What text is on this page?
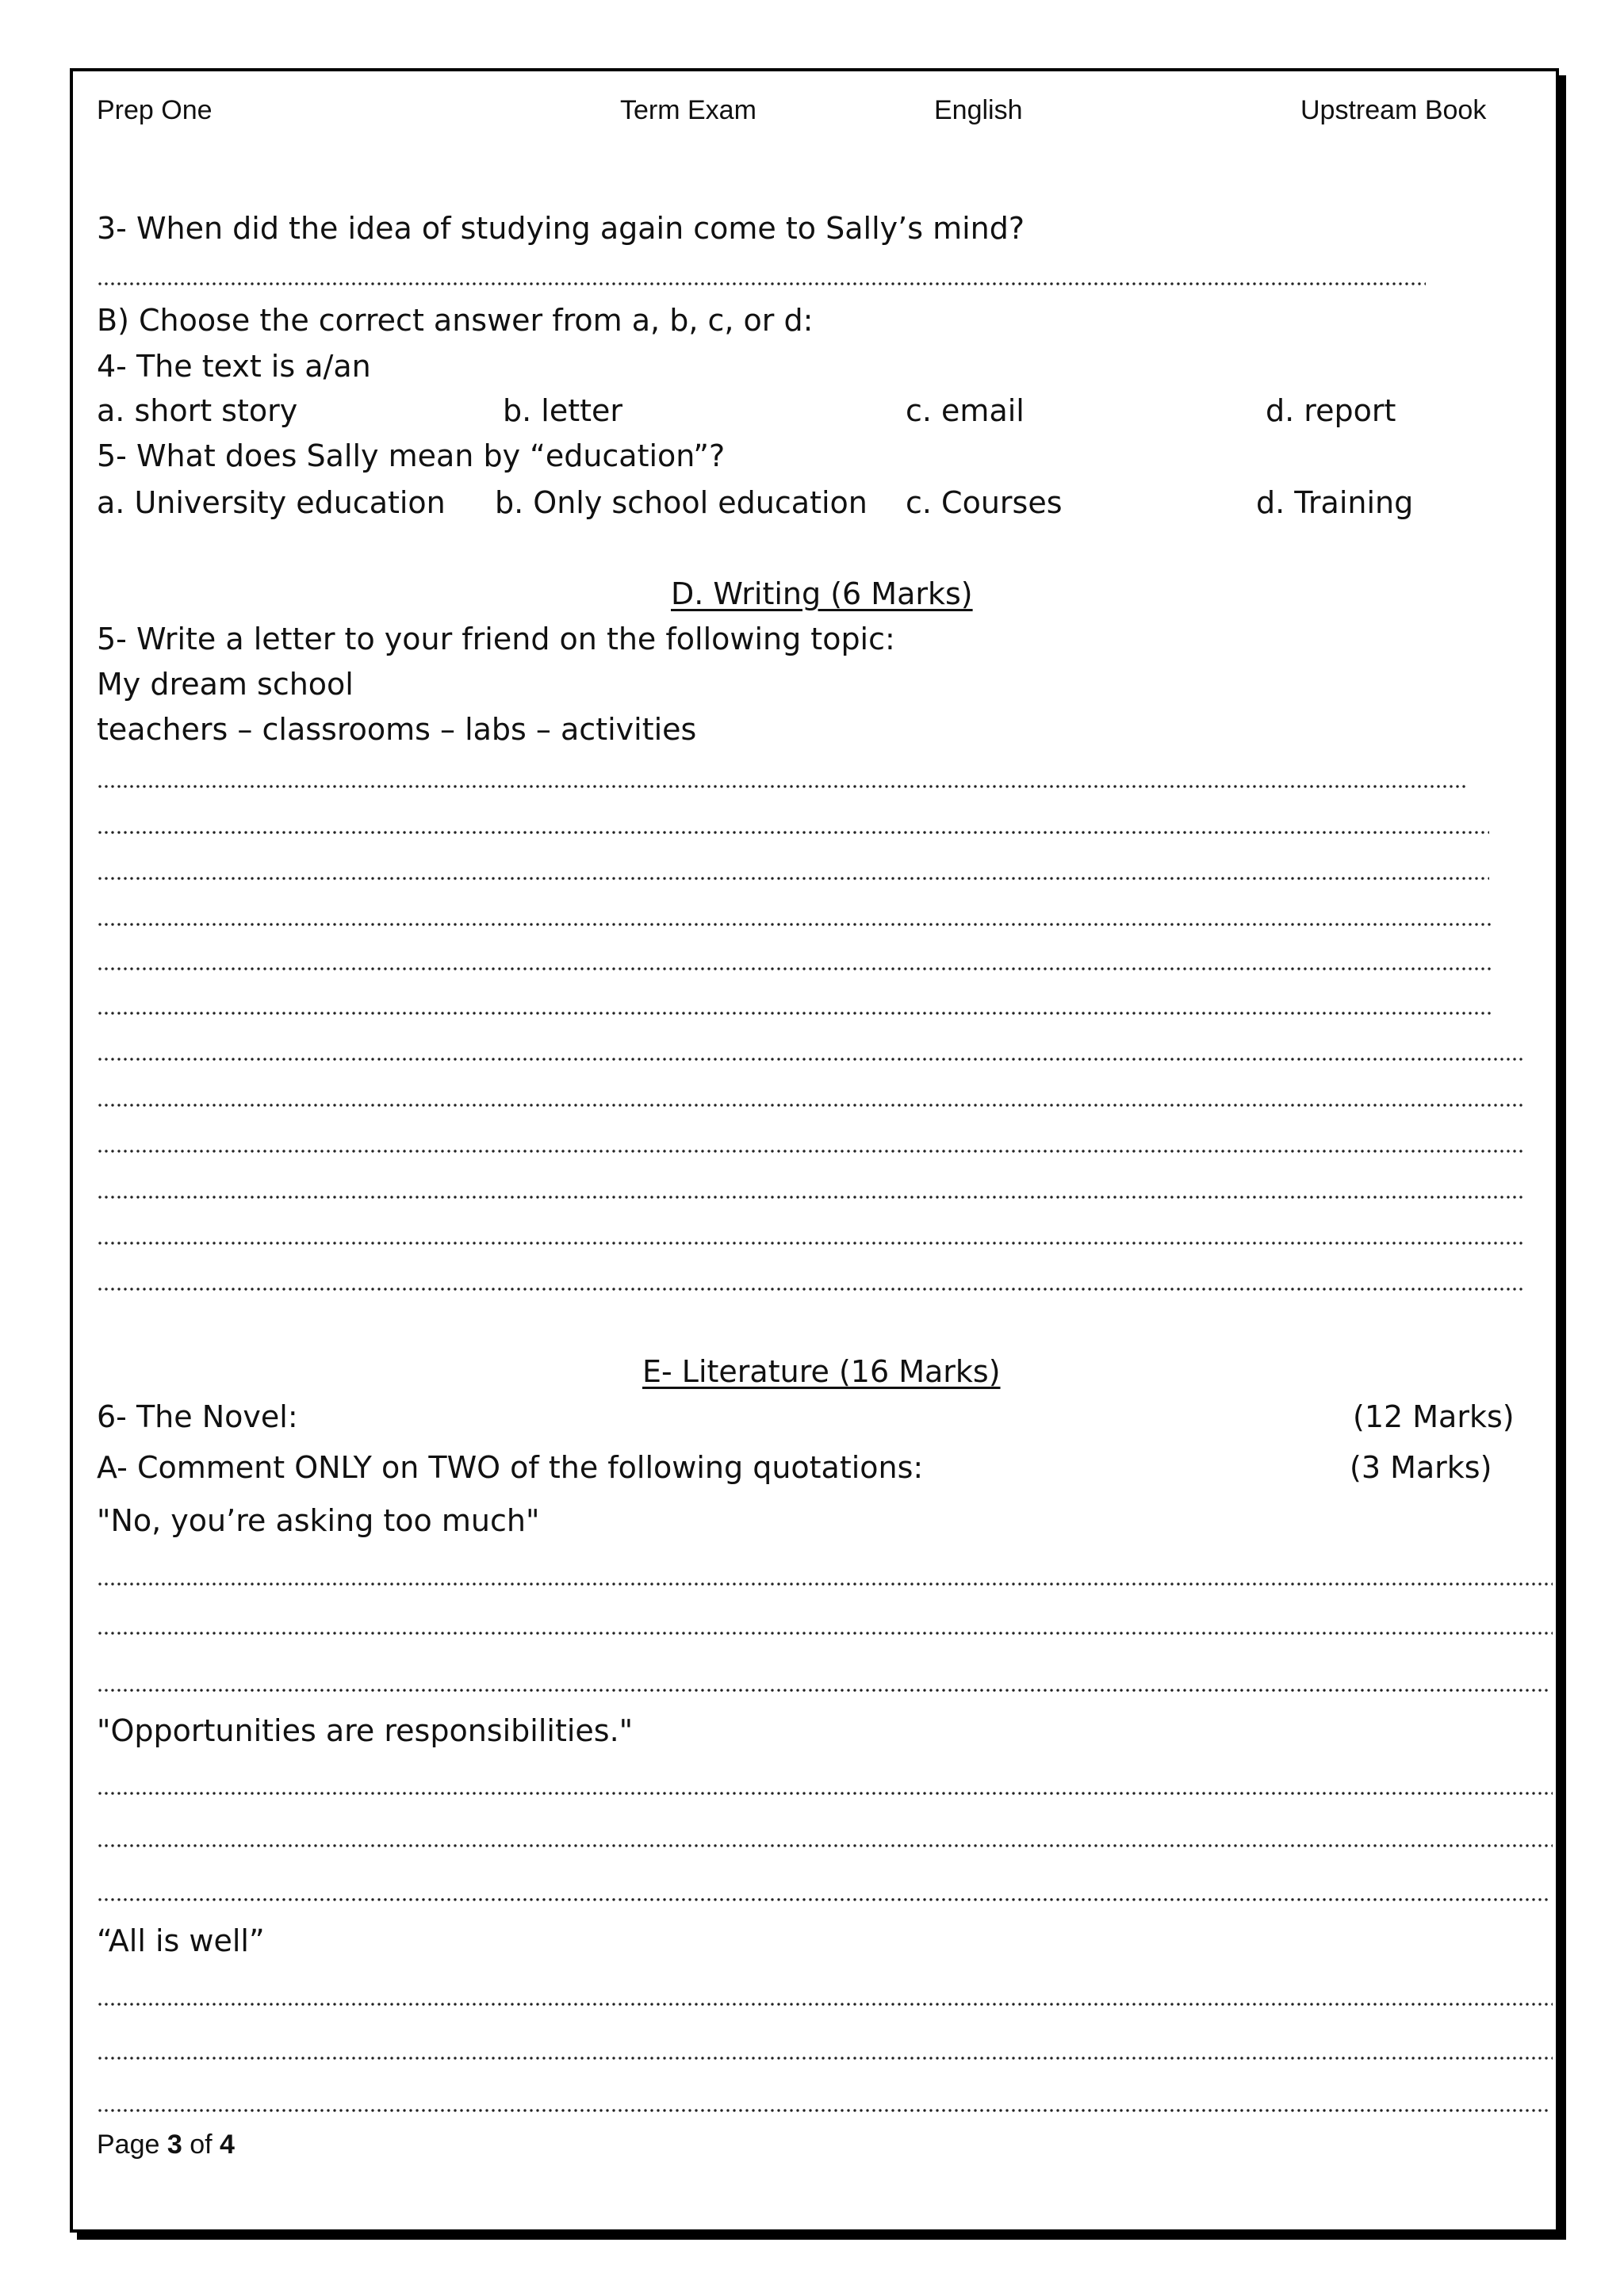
Prep One	Term Exam	English	Upstream Book
3- When did the idea of studying again come to Sally’s mind?
B) Choose the correct answer from a, b, c, or d:
4- The text is a/an
a. short story	b. letter	c. email	d. report
5- What does Sally mean by “education”?
a. University education b. Only school education c. Courses	d. Training
D. Writing (6 Marks)
5- Write a letter to your friend on the following topic:
My dream school
teachers – classrooms – labs – activities
E- Literature (16 Marks)
6- The Novel:	(12 Marks)
A- Comment ONLY on TWO of the following quotations:	(3 Marks)
"No, you’re asking too much"
"Opportunities are responsibilities."
“All is well”
Page 3 of 4
